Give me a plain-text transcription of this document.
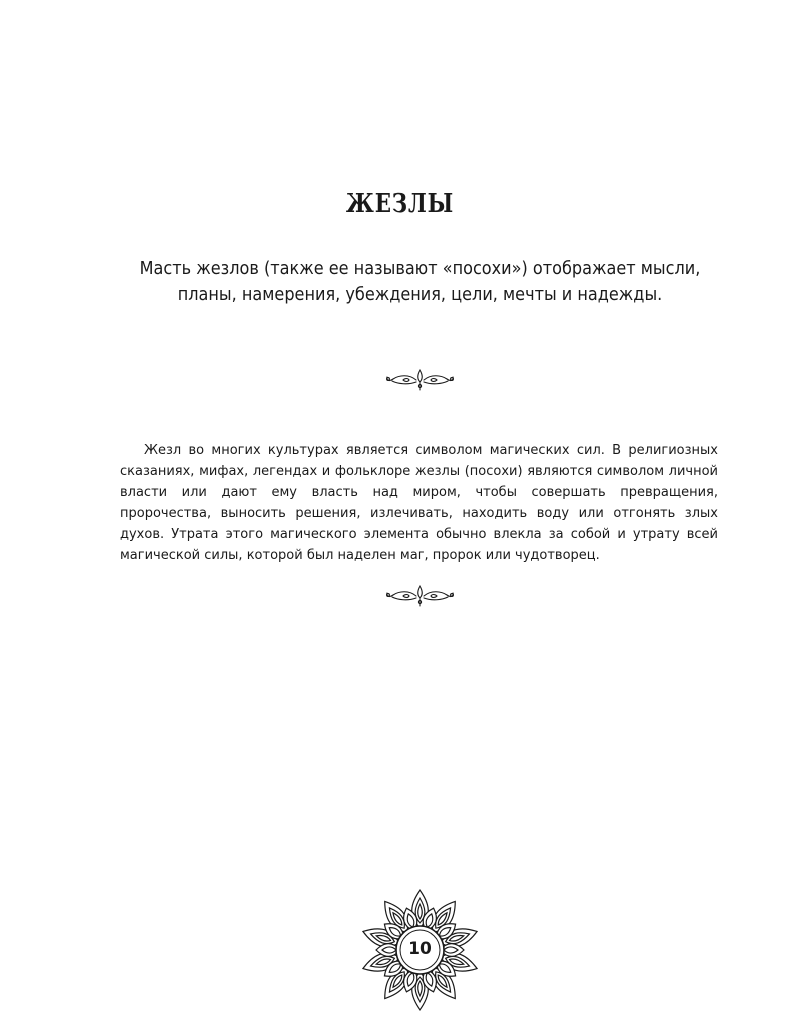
ЖЕЗЛЫ

Масть жезлов (также ее называют «посохи») отображает мысли, планы, намерения, убеждения, цели, мечты и надежды.

Жезл во многих культурах является символом магических сил. В религиозных сказаниях, мифах, легендах и фольклоре жезлы (посохи) являются символом личной власти или дают ему власть над миром, чтобы совершать превращения, пророчества, выносить решения, излечивать, находить воду или отгонять злых духов. Утрата этого магического элемента обычно влекла за собой и утрату всей магической силы, которой был наделен маг, пророк или чудотворец.

10
